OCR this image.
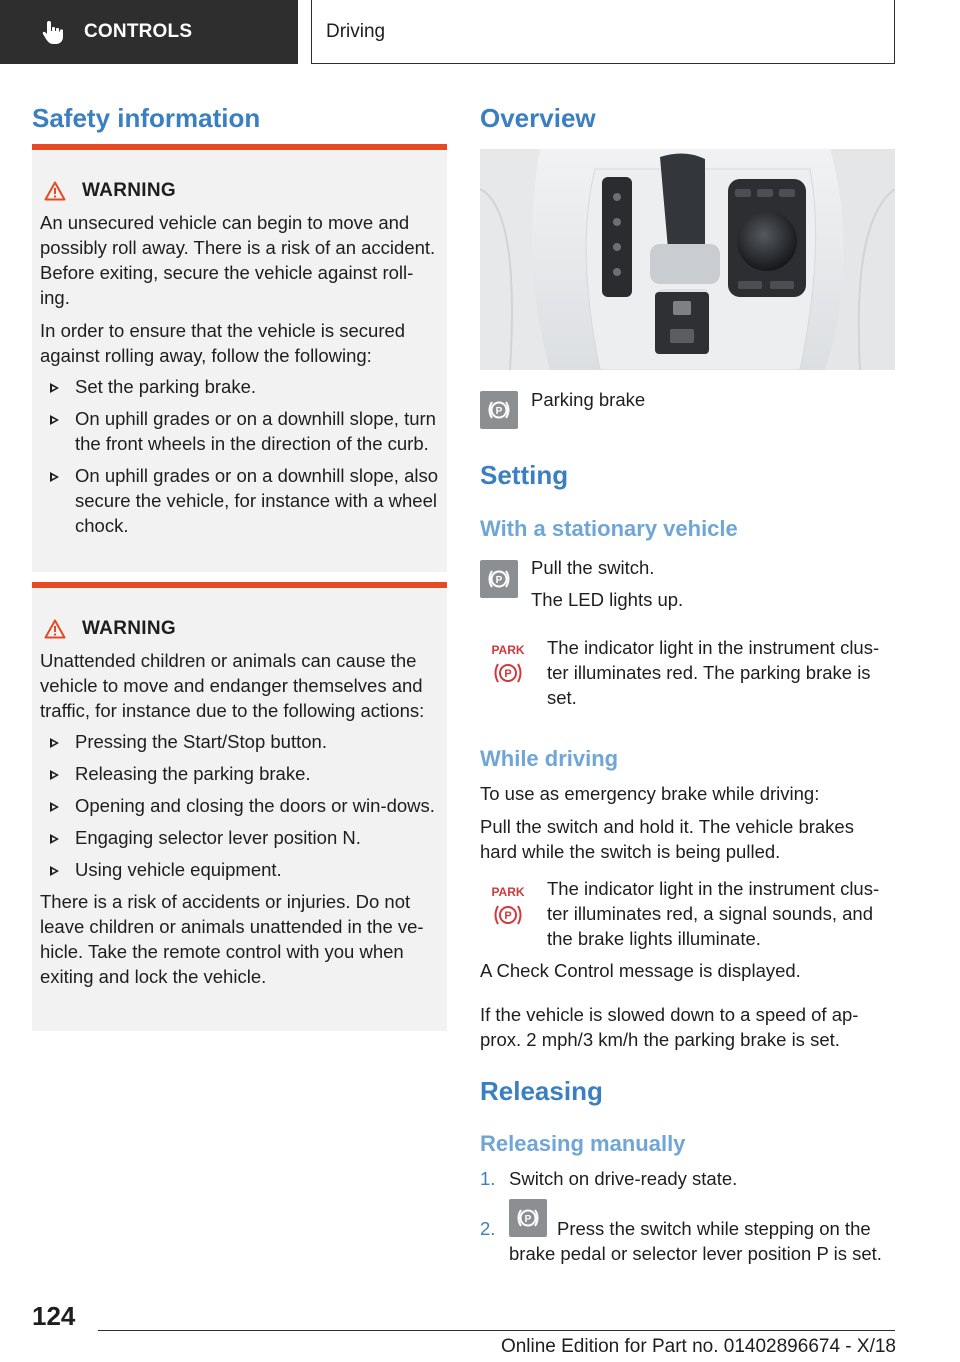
CONTROLS	Driving
Safety information
WARNING

An unsecured vehicle can begin to move and possibly roll away. There is a risk of an accident. Before exiting, secure the vehicle against roll-ing.

In order to ensure that the vehicle is secured against rolling away, follow the following:

Set the parking brake.
On uphill grades or on a downhill slope, turn the front wheels in the direction of the curb.
On uphill grades or on a downhill slope, also secure the vehicle, for instance with a wheel chock.
WARNING

Unattended children or animals can cause the vehicle to move and endanger themselves and traffic, for instance due to the following actions:

Pressing the Start/Stop button.
Releasing the parking brake.
Opening and closing the doors or win-dows.
Engaging selector lever position N.
Using vehicle equipment.

There is a risk of accidents or injuries. Do not leave children or animals unattended in the ve-hicle. Take the remote control with you when exiting and lock the vehicle.

Overview
P

Parking brake

Setting
With a stationary vehicle
P

Pull the switch.

The LED lights up.

PARK
P

The indicator light in the instrument clus-ter illuminates red. The parking brake is set.

While driving

To use as emergency brake while driving:

Pull the switch and hold it. The vehicle brakes hard while the switch is being pulled.

PARK
P

The indicator light in the instrument clus-ter illuminates red, a signal sounds, and the brake lights illuminate.

A Check Control message is displayed.

If the vehicle is slowed down to a speed of ap-prox. 2 mph/3 km/h the parking brake is set.

Releasing
Releasing manually
1. Switch on drive-ready state.
2.	Press the switch while stepping on the brake pedal or selector lever position P is set.
P
124
Online Edition for Part no. 01402896674 - X/18
